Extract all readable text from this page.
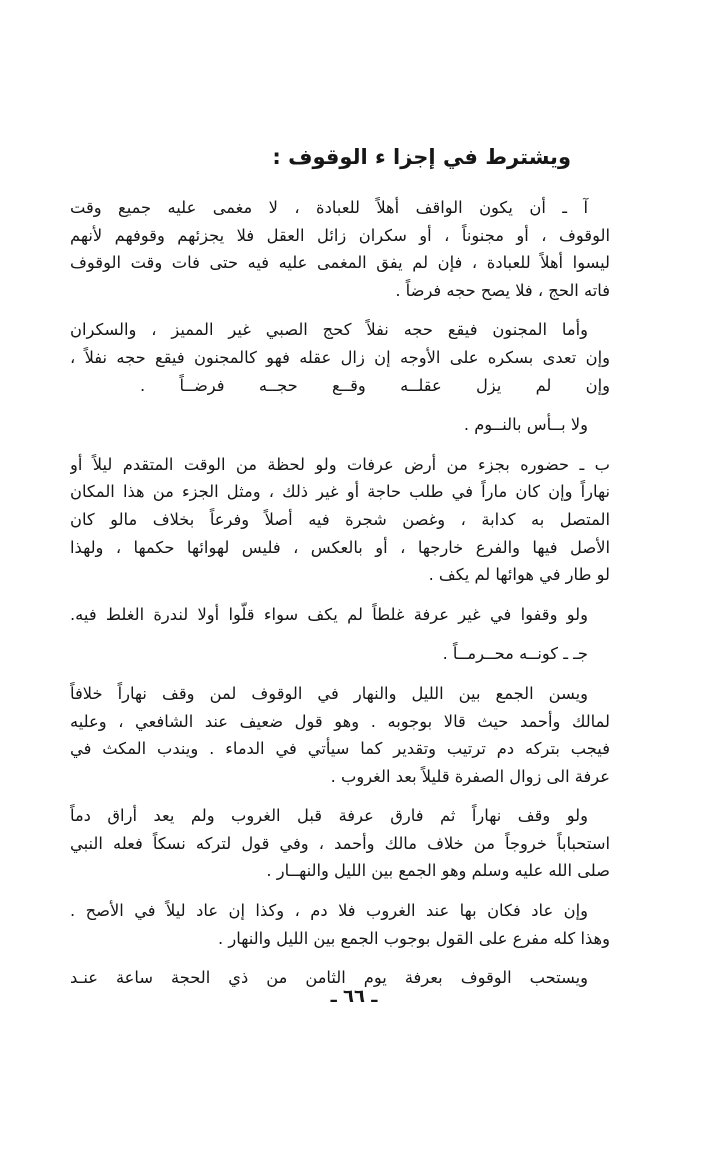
ويشترط في إجزا ء الوقوف :
آ ـ أن يكون الواقف أهلاً للعبادة ، لا مغمى عليه جميع وقت
الوقوف ، أو مجنوناً ، أو سكران زائل العقل فلا يجزئهم وقوفهم لأنهم
ليسوا أهلاً للعبادة ، فإن لم يفق المغمى عليه فيه حتى فات وقت الوقوف
فاته الحج ، فلا يصح حجه فرضاً .
وأما المجنون فيقع حجه نفلاً كحج الصبي غير المميز ، والسكران
وإن تعدى بسكره على الأوجه إن زال عقله فهو كالمجنون فيقع حجه نفلاً ،
وإن لم يزل عقلــه وقــع حجــه فرضــاً .
ولا بــأس بالنــوم .
ب ـ حضوره بجزء من أرض عرفات ولو لحظة من الوقت المتقدم ليلاً أو
نهاراً وإن كان ماراً في طلب حاجة أو غير ذلك ، ومثل الجزء من هذا المكان
المتصل به كدابة ، وغصن شجرة فيه أصلاً وفرعاً بخلاف مالو كان
الأصل فيها والفرع خارجها ، أو بالعكس ، فليس لهوائها حكمها ، ولهذا
لو طار في هوائها لم يكف .
ولو وقفوا في غير عرفة غلطاً لم يكف سواء قلّوا أولا لندرة الغلط فيه.
جـ ـ كونــه محــرمــاً .
ويسن الجمع بين الليل والنهار في الوقوف لمن وقف نهاراً خلافاً
لمالك وأحمد حيث قالا بوجوبه . وهو قول ضعيف عند الشافعي ، وعليه
فيجب بتركه دم ترتيب وتقدير كما سيأتي في الدماء . ويندب المكث في
عرفة الى زوال الصفرة قليلاً بعد الغروب .
ولو وقف نهاراً ثم فارق عرفة قبل الغروب ولم يعد أراق دماً
استحباباً خروجاً من خلاف مالك وأحمد ، وفي قول لتركه نسكاً فعله النبي
صلى الله عليه وسلم وهو الجمع بين الليل والنهــار .
وإن عاد فكان بها عند الغروب فلا دم ، وكذا إن عاد ليلاً في الأصح .
وهذا كله مفرع على القول بوجوب الجمع بين الليل والنهار .
ويستحب الوقوف بعرفة يوم الثامن من ذي الحجة ساعة عنـد
ـ ٦٦ ـ
